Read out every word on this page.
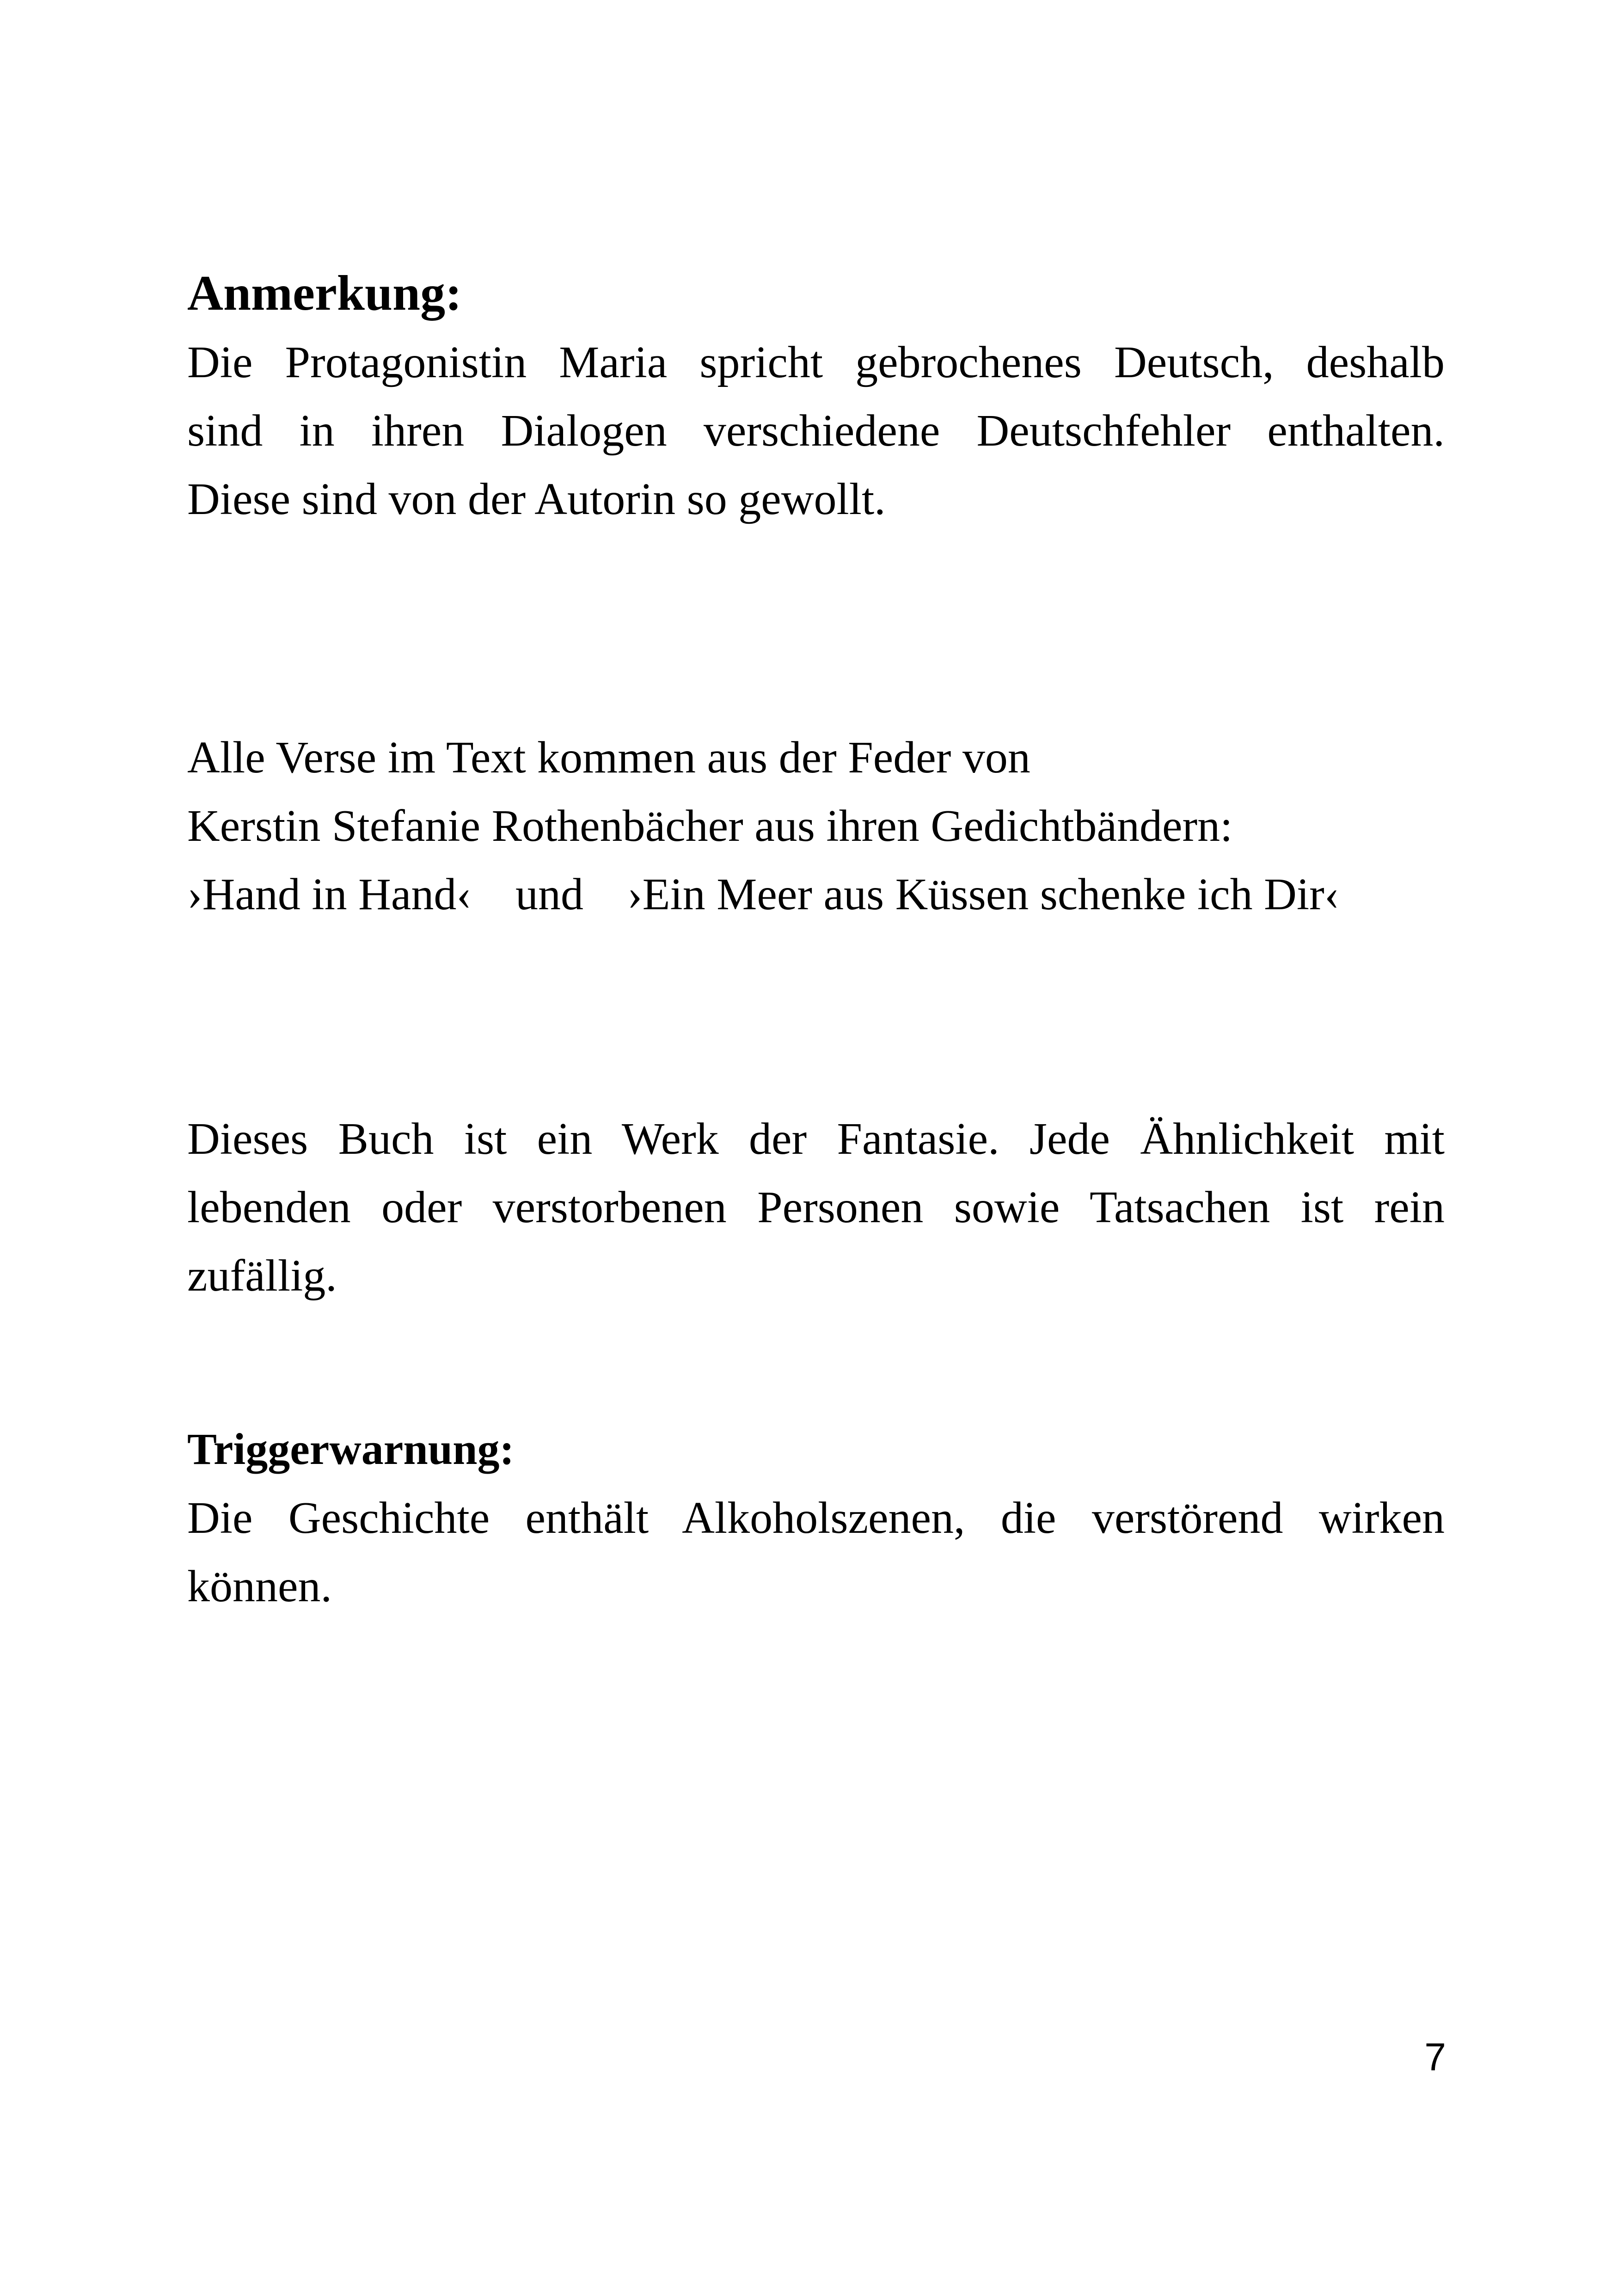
Anmerkung:

Die Protagonistin Maria spricht gebrochenes Deutsch, deshalb
sind in ihren Dialogen verschiedene Deutschfehler enthalten.
Diese sind von der Autorin so gewollt.

Alle Verse im Text kommen aus der Feder von
Kerstin Stefanie Rothenbächer aus ihren Gedichtbändern:
›Hand in Hand‹ und ›Ein Meer aus Küssen schenke ich Dir‹

Dieses Buch ist ein Werk der Fantasie. Jede Ähnlichkeit mit
lebenden oder verstorbenen Personen sowie Tatsachen ist rein
zufällig.

Triggerwarnung:

Die Geschichte enthält Alkoholszenen, die verstörend wirken
können.

7
